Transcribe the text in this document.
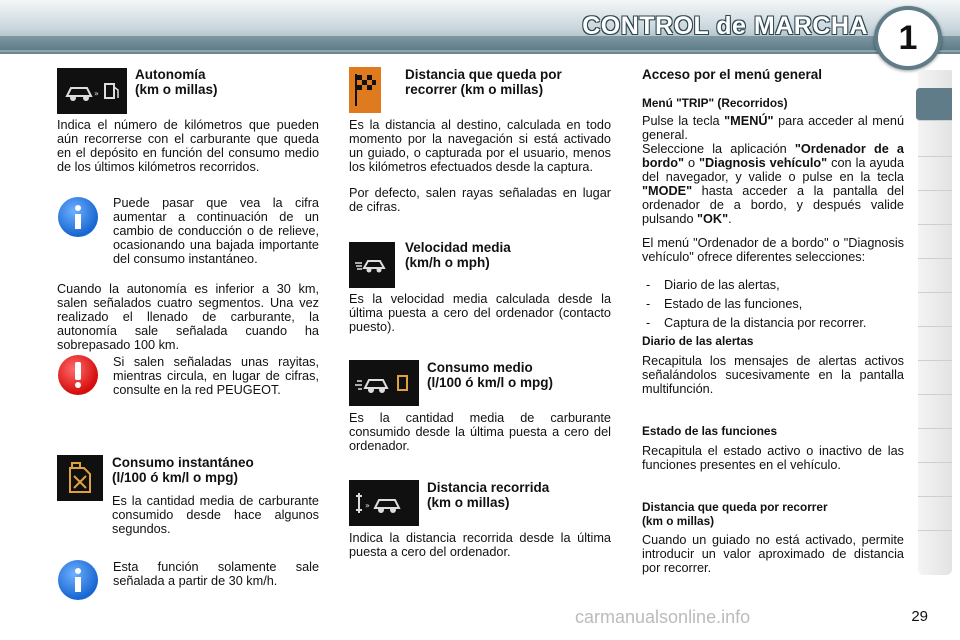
CONTROL de MARCHA 1
»
Autonomía
(km o millas)

Indica el número de kilómetros que pueden aún recorrerse con el carburante que queda en el depósito en función del consumo medio de los últimos kilómetros recorridos.

Puede pasar que vea la cifra aumentar a continuación de un cambio de conducción o de relieve, ocasionando una bajada importante del consumo instantáneo.

Cuando la autonomía es inferior a 30 km, salen señalados cuatro segmentos. Una vez realizado el llenado de carburante, la autonomía sale señalada cuando ha sobrepasado 100 km.

Si salen señaladas unas rayitas, mientras circula, en lugar de cifras, consulte en la red PEUGEOT.

Consumo instantáneo
(l/100 ó km/l o mpg)

Es la cantidad media de carburante consumido desde hace algunos segundos.

Esta función solamente sale señalada a partir de 30 km/h.

Distancia que queda por
recorrer (km o millas)

Es la distancia al destino, calculada en todo momento por la navegación si está activado un guiado, o capturada por el usuario, menos los kilómetros efectuados desde la captura.

Por defecto, salen rayas señaladas en lugar de cifras.

Velocidad media
(km/h o mph)

Es la velocidad media calculada desde la última puesta a cero del ordenador (contacto puesto).

Consumo medio
(l/100 ó km/l o mpg)

Es la cantidad media de carburante consumido desde la última puesta a cero del ordenador.

»
Distancia recorrida
(km o millas)

Indica la distancia recorrida desde la última puesta a cero del ordenador.

Acceso por el menú general
Menú "TRIP" (Recorridos)

Pulse la tecla "MENÚ" para acceder al menú general.

Seleccione la aplicación "Ordenador de a bordo" o "Diagnosis vehículo" con la ayuda del navegador, y valide o pulse en la tecla "MODE" hasta acceder a la pantalla del ordenador de a bordo, y después valide pulsando "OK".

El menú "Ordenador de a bordo" o "Diagnosis vehículo" ofrece diferentes selecciones:

- Diario de las alertas,
- Estado de las funciones,
- Captura de la distancia por recorrer.
Diario de las alertas

Recapitula los mensajes de alertas activos señalándolos sucesivamente en la pantalla multifunción.

Estado de las funciones

Recapitula el estado activo o inactivo de las funciones presentes en el vehículo.

Distancia que queda por recorrer
(km o millas)

Cuando un guiado no está activado, permite introducir un valor aproximado de distancia por recorrer.

carmanualsonline.info	29
